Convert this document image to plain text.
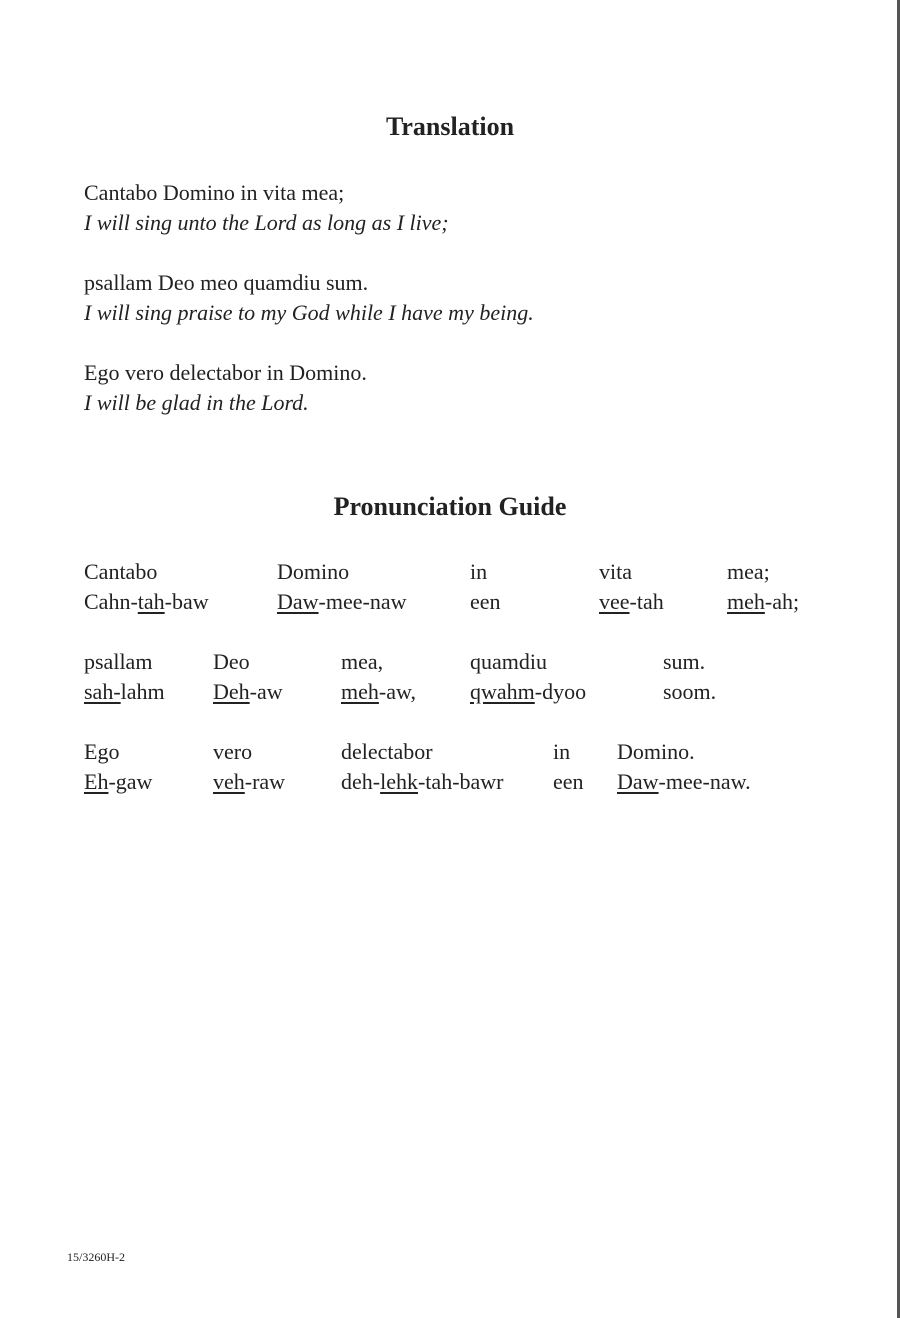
Translation
Cantabo Domino in vita mea;
I will sing unto the Lord as long as I live;
psallam Deo meo quamdiu sum.
I will sing praise to my God while I have my being.
Ego vero delectabor in Domino.
I will be glad in the Lord.
Pronunciation Guide
Cantabo
Cahn-tah-baw
Domino
Daw-mee-naw
in
een
vita
vee-tah
mea;
meh-ah;
psallam
sah-lahm
Deo
Deh-aw
mea,
meh-aw,
quamdiu
qwahm-dyoo
sum.
soom.
Ego
Eh-gaw
vero
veh-raw
delectabor
deh-lehk-tah-bawr
in
een
Domino.
Daw-mee-naw.
15/3260H-2
